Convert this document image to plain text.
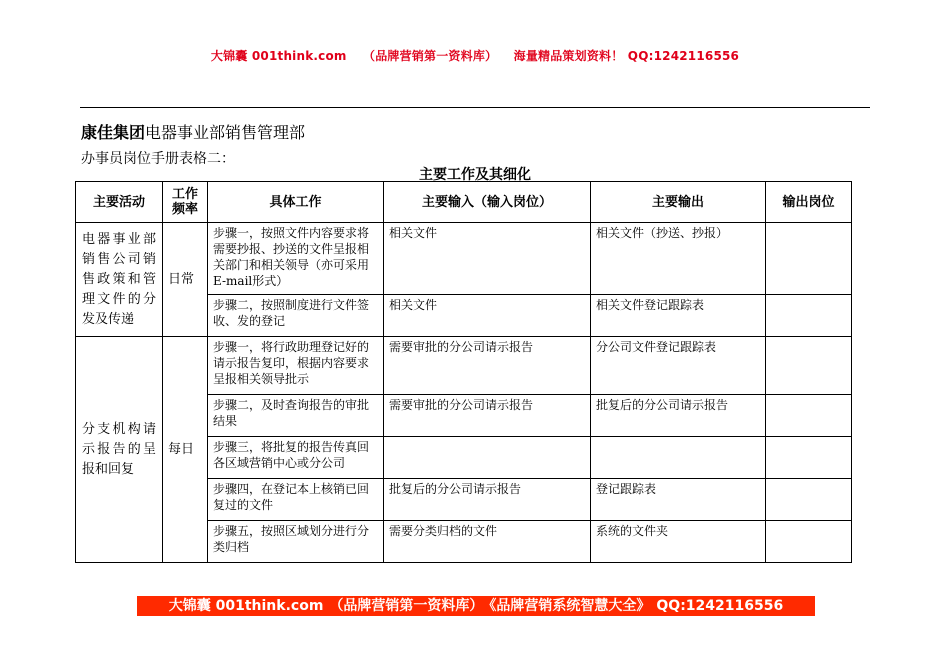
大锦囊 001think.com （品牌营销第一资料库） 海量精品策划资料！ QQ:1242116556
康佳集团电器事业部销售管理部
办事员岗位手册表格二：
主要工作及其细化
主要活动	工作频率	具体工作	主要输入（输入岗位）	主要输出	输出岗位
电器事业部销售公司销售政策和管理文件的分发及传递	日常	步骤一，按照文件内容要求将需要抄报、抄送的文件呈报相关部门和相关领导（亦可采用E-mail形式）	相关文件	相关文件（抄送、抄报）	
		步骤二，按照制度进行文件签收、发的登记	相关文件	相关文件登记跟踪表	
分支机构请示报告的呈报和回复	每日	步骤一，将行政助理登记好的请示报告复印，根据内容要求呈报相关领导批示	需要审批的分公司请示报告	分公司文件登记跟踪表	
		步骤二，及时查询报告的审批结果	需要审批的分公司请示报告	批复后的分公司请示报告	
		步骤三，将批复的报告传真回各区域营销中心或分公司			
		步骤四，在登记本上核销已回复过的文件	批复后的分公司请示报告	登记跟踪表	
		步骤五，按照区域划分进行分类归档	需要分类归档的文件	系统的文件夹	
大锦囊 001think.com （品牌营销第一资料库） 《品牌营销系统智慧大全》 QQ:1242116556
